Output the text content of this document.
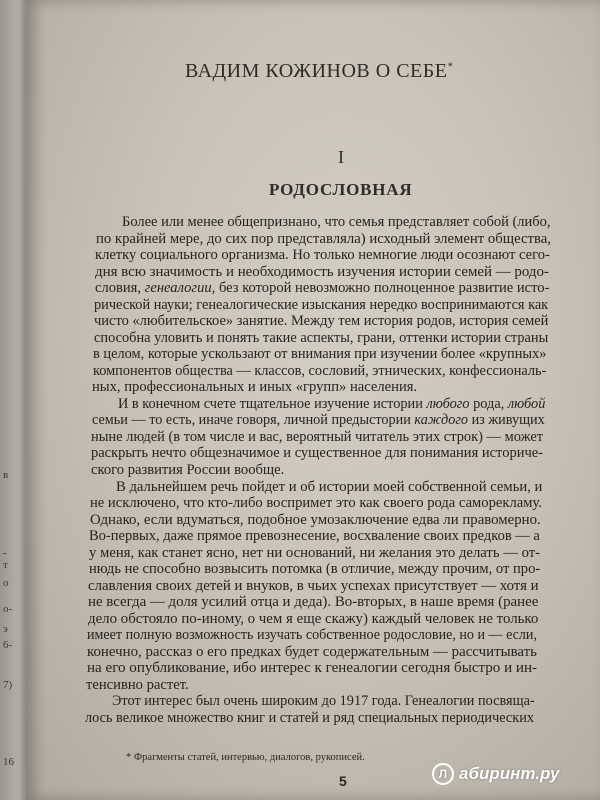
в
-
т
о
о-
э
6-
7)
16
ВАДИМ КОЖИНОВ О СЕБЕ*
I
РОДОСЛОВНАЯ
Более или менее общепризнано, что семья представляет собой (либо,
по крайней мере, до сих пор представляла) исходный элемент общества,
клетку социального организма. Но только немногие люди осознают сего-
дня всю значимость и необходимость изучения истории семей — родо-
словия, генеалогии, без которой невозможно полноценное развитие исто-
рической науки; генеалогические изыскания нередко воспринимаются как
чисто «любительское» занятие. Между тем история родов, история семей
способна уловить и понять такие аспекты, грани, оттенки истории страны
в целом, которые ускользают от внимания при изучении более «крупных»
компонентов общества — классов, сословий, этнических, конфессиональ-
ных, профессиональных и иных «групп» населения.
И в конечном счете тщательное изучение истории любого рода, любой
семьи — то есть, иначе говоря, личной предыстории каждого из живущих
ныне людей (в том числе и вас, вероятный читатель этих строк) — может
раскрыть нечто общезначимое и существенное для понимания историче-
ского развития России вообще.
В дальнейшем речь пойдет и об истории моей собственной семьи, и
не исключено, что кто-либо воспримет это как своего рода саморекламу.
Однако, если вдуматься, подобное умозаключение едва ли правомерно.
Во-первых, даже прямое превознесение, восхваление своих предков — а
у меня, как станет ясно, нет ни оснований, ни желания это делать — от-
нюдь не способно возвысить потомка (в отличие, между прочим, от про-
славления своих детей и внуков, в чьих успехах присутствует — хотя и
не всегда — доля усилий отца и деда). Во-вторых, в наше время (ранее
дело обстояло по-иному, о чем я еще скажу) каждый человек не только
имеет полную возможность изучать собственное родословие, но и — если,
конечно, рассказ о его предках будет содержательным — рассчитывать
на его опубликование, ибо интерес к генеалогии сегодня быстро и ин-
тенсивно растет.
Этот интерес был очень широким до 1917 года. Генеалогии посвяща-
лось великое множество книг и статей и ряд специальных периодических
* Фрагменты статей, интервью, диалогов, рукописей.
5	Л абиринт.ру
